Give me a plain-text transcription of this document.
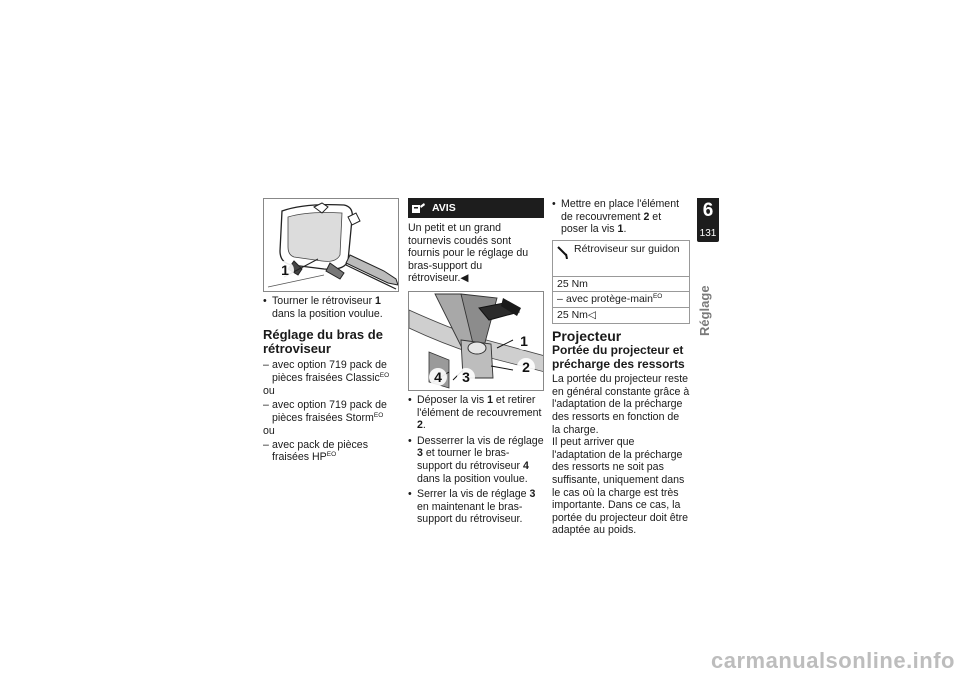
1
• Tourner le rétroviseur 1 dans la position voulue.
Réglage du bras de rétroviseur
– avec option 719 pack de pièces fraisées Classic$^{EO}$
ou
– avec option 719 pack de pièces fraisées Storm$^{EO}$
ou
– avec pack de pièces fraisées $HP^{EO}$
AVIS
Un petit et un grand tournevis coudés sont fournis pour le réglage du bras-support du rétroviseur.◀
1
2
3
4
• Déposer la vis 1 et retirer l'élément de recouvrement 2.
• Desserrer la vis de réglage 3 et tourner le bras-support du rétroviseur 4 dans la position voulue.
• Serrer la vis de réglage 3 en maintenant le bras-support du rétroviseur.
• Mettre en place l'élément de recouvrement 2 et poser la vis 1.
Rétroviseur sur guidon
25 Nm
– avec protège-main$^{EO}$
25 Nm◁
Projecteur
Portée du projecteur et précharge des ressorts

La portée du projecteur reste en général constante grâce à l'adaptation de la précharge des ressorts en fonction de la charge.

Il peut arriver que l'adaptation de la précharge des ressorts ne soit pas suffisante, uniquement dans le cas où la charge est très importante. Dans ce cas, la portée du projecteur doit être adaptée au poids.

6
131
Réglage
carmanualsonline.info
